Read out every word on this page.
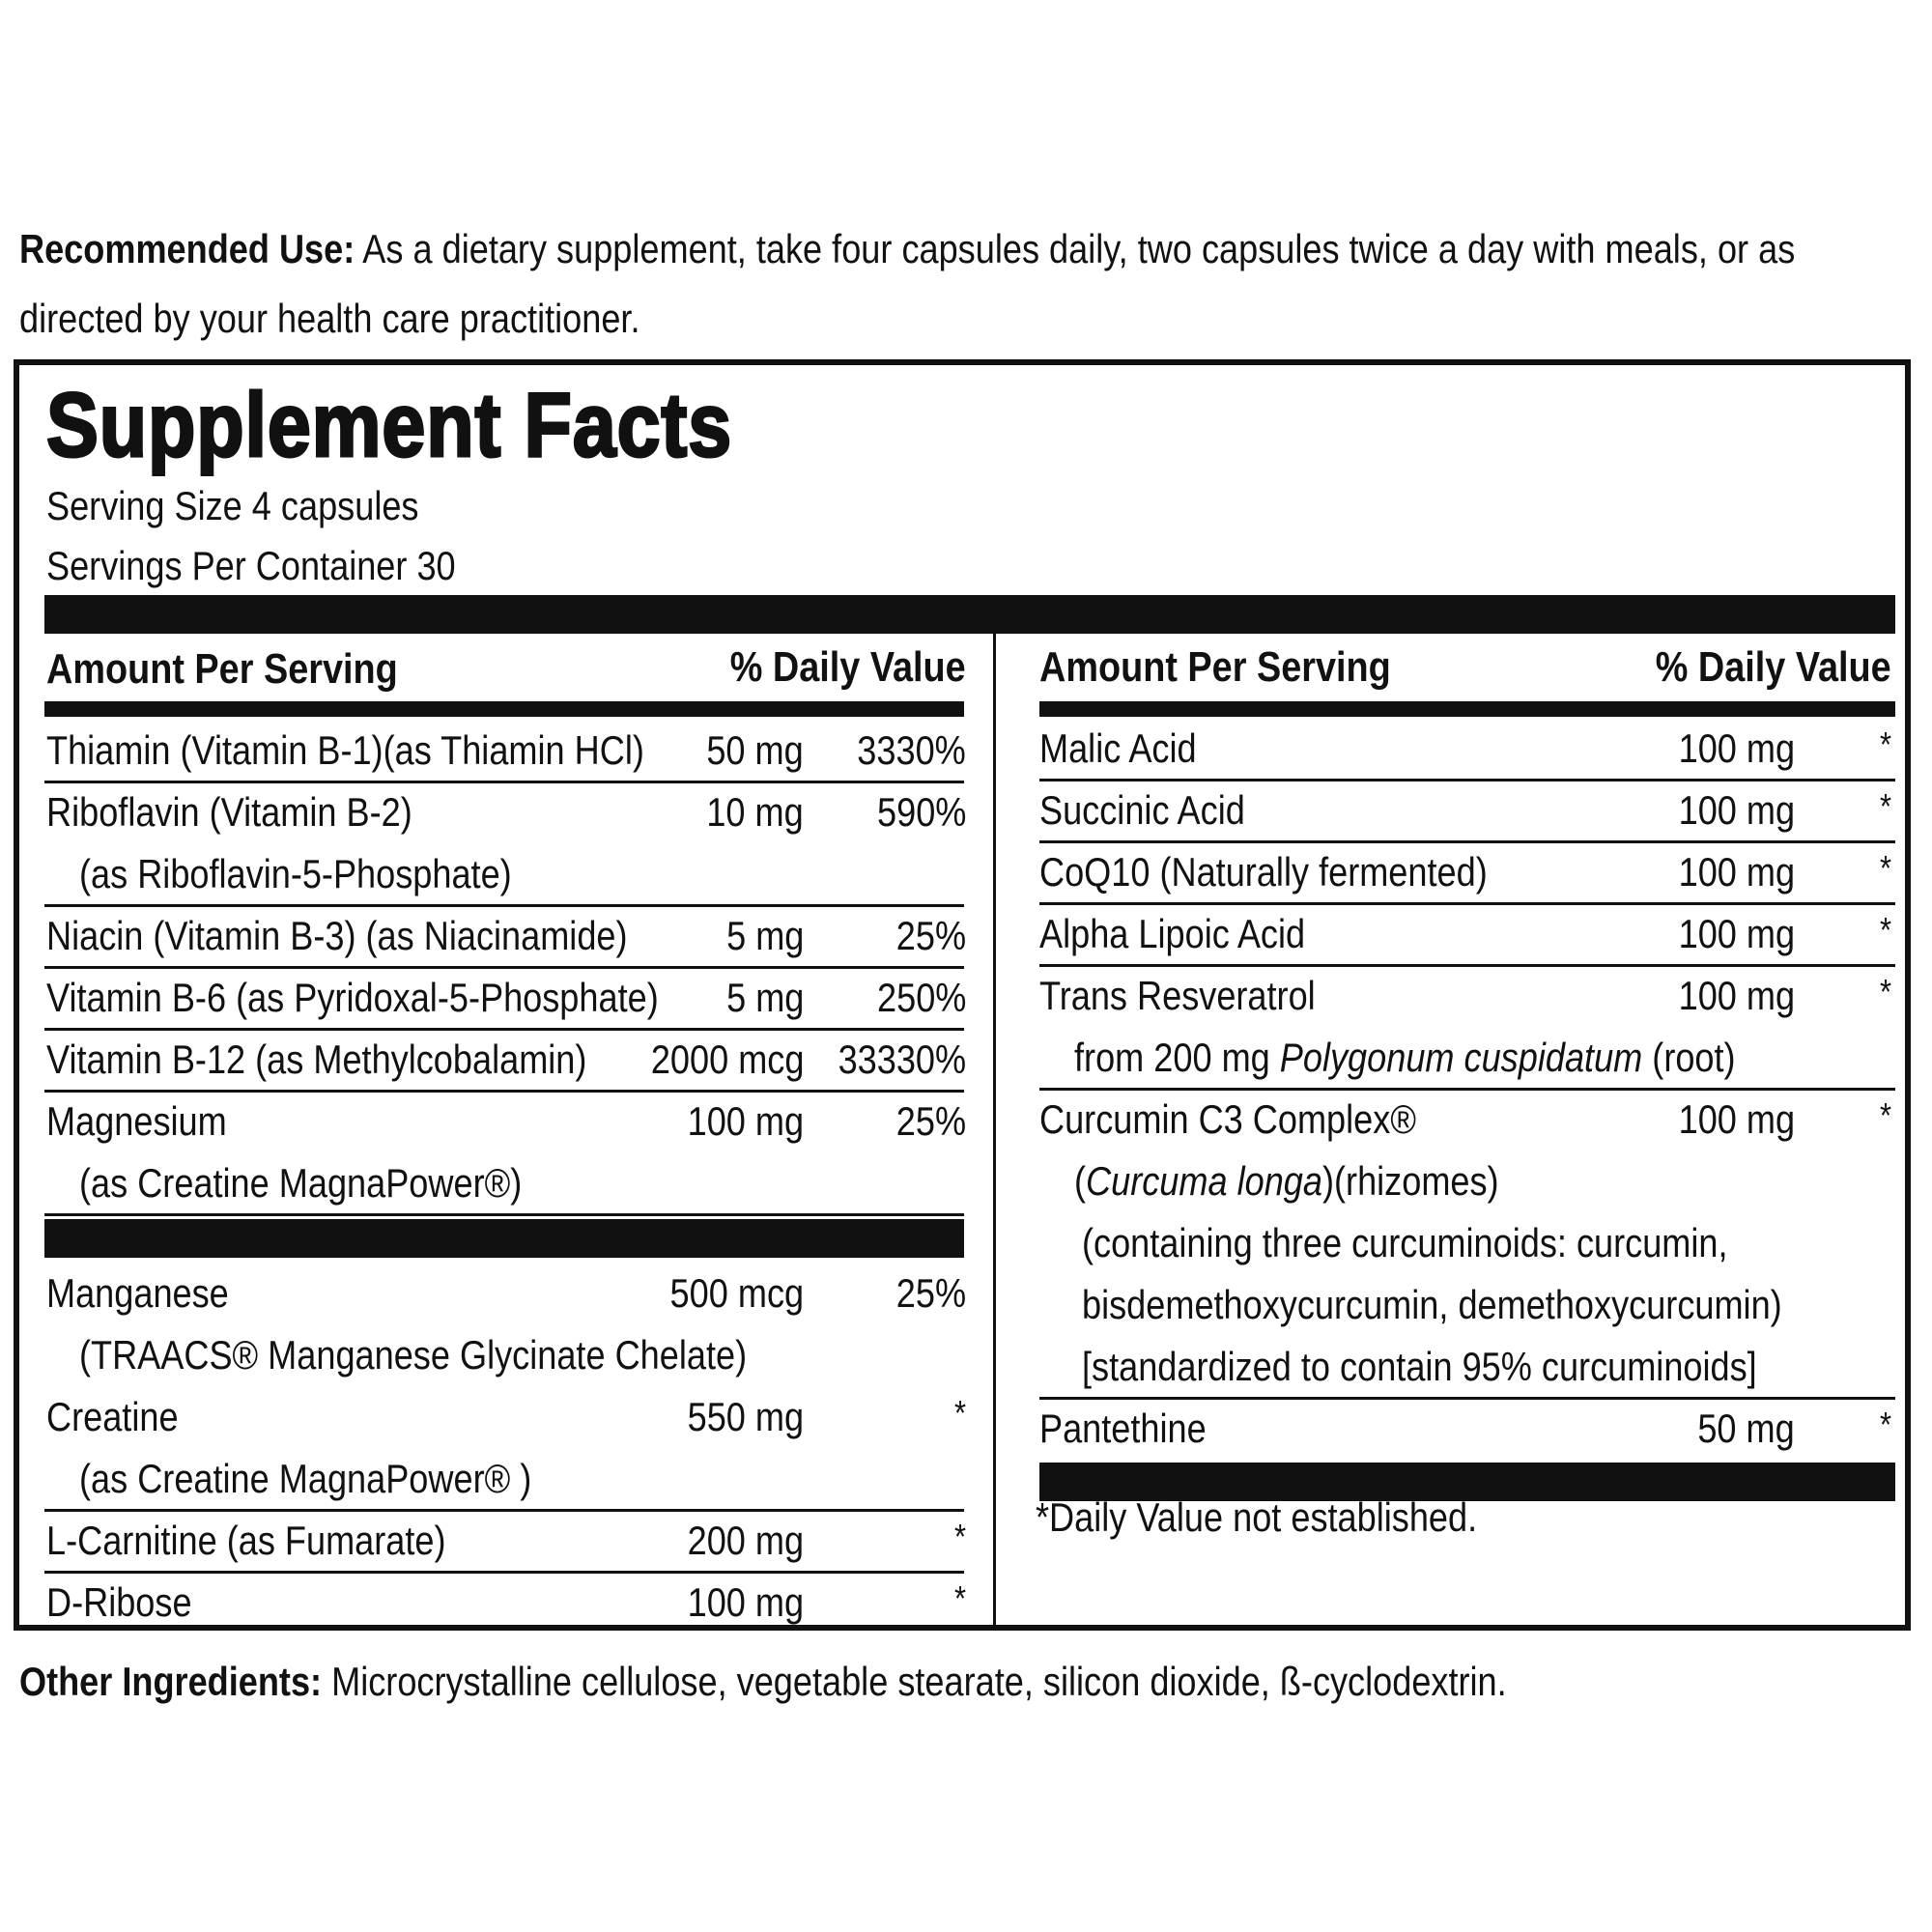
Recommended Use: As a dietary supplement, take four capsules daily, two capsules twice a day with meals, or as
directed by your health care practitioner.
Supplement Facts
Serving Size 4 capsules
Servings Per Container 30
Amount Per Serving	% Daily Value Amount Per Serving	% Daily Value
Thiamin (Vitamin B-1)(as Thiamin HCl)	50 mg	3330%
Riboflavin (Vitamin B-2)	10 mg	590%
(as Riboflavin-5-Phosphate)
Niacin (Vitamin B-3) (as Niacinamide)	5 mg 25%
Vitamin B-6 (as Pyridoxal-5-Phosphate)	5 mg	250%
Vitamin B-12 (as Methylcobalamin)	2000 mcg 33330%
Magnesium	100 mg 25%
(as Creatine MagnaPower®)
Manganese	500 mcg 25%
(TRAACS® Manganese Glycinate Chelate)
Creatine	550 mg	*
(as Creatine MagnaPower® )
L-Carnitine (as Fumarate)	200 mg	*
D-Ribose	100 mg	*
Malic Acid	100 mg *
Succinic Acid	100 mg *
CoQ10 (Naturally fermented)	100 mg *
Alpha Lipoic Acid	100 mg *
Trans Resveratrol	100 mg *
from 200 mg Polygonum cuspidatum (root)
Curcumin C3 Complex®	100 mg *
(Curcuma longa)(rhizomes)
(containing three curcuminoids: curcumin,
bisdemethoxycurcumin, demethoxycurcumin)
[standardized to contain 95% curcuminoids]
Pantethine	50 mg *
*Daily Value not established.
Other Ingredients: Microcrystalline cellulose, vegetable stearate, silicon dioxide, ß-cyclodextrin.
